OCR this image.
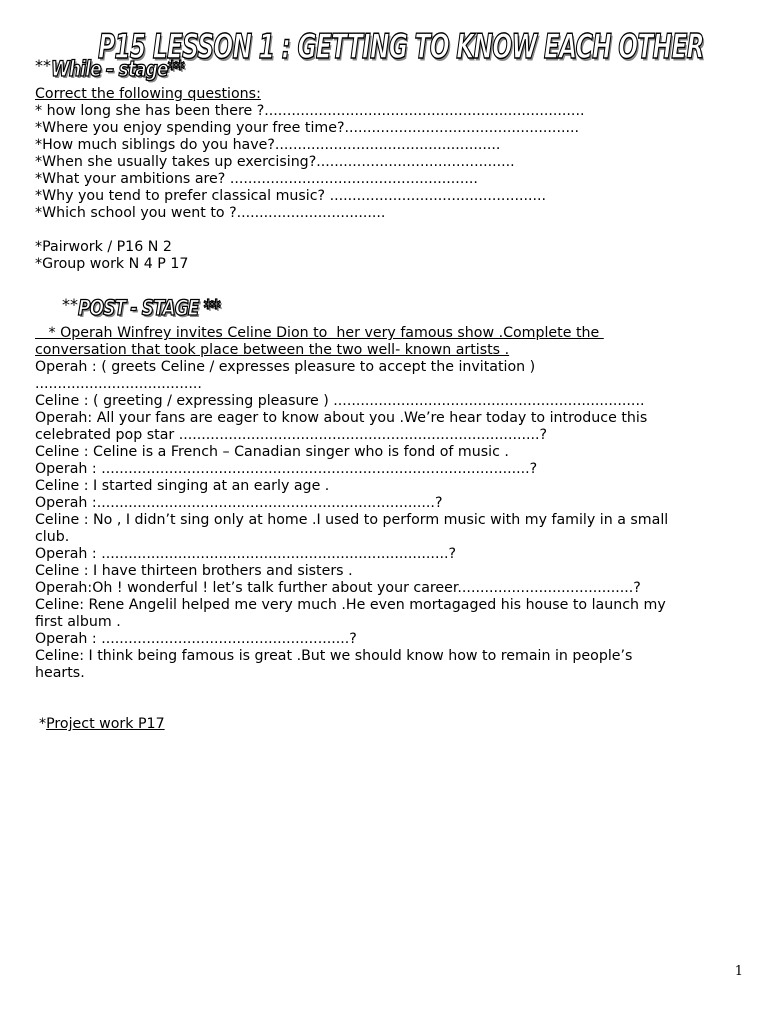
P15 LESSON 1 : GETTING TO KNOW EACH OTHER
**While – stage**
Correct the following questions:
* how long she has been there ?.......................................................................
*Where you enjoy spending your free time?....................................................
*How much siblings do you have?..................................................
*When she usually takes up exercising?............................................
*What your ambitions are? .......................................................
*Why you tend to prefer classical music? ................................................
*Which school you went to ?.................................
*Pairwork / P16 N 2
*Group work N 4 P 17
**POST - STAGE **
* Operah Winfrey invites Celine Dion to  her very famous show .Complete the
conversation that took place between the two well- known artists .
Operah : ( greets Celine / expresses pleasure to accept the invitation )
.....................................
Celine : ( greeting / expressing pleasure ) .....................................................................
Operah: All your fans are eager to know about you .We’re hear today to introduce this
celebrated pop star ................................................................................?
Celine : Celine is a French – Canadian singer who is fond of music .
Operah : ...............................................................................................?
Celine : I started singing at an early age .
Operah :...........................................................................?
Celine : No , I didn’t sing only at home .I used to perform music with my family in a small
club.
Operah : .............................................................................?
Celine : I have thirteen brothers and sisters .
Operah:Oh ! wonderful ! let’s talk further about your career.......................................?
Celine: Rene Angelil helped me very much .He even mortagaged his house to launch my
first album .
Operah : .......................................................?
Celine: I think being famous is great .But we should know how to remain in people’s
hearts.
*Project work P17
1
